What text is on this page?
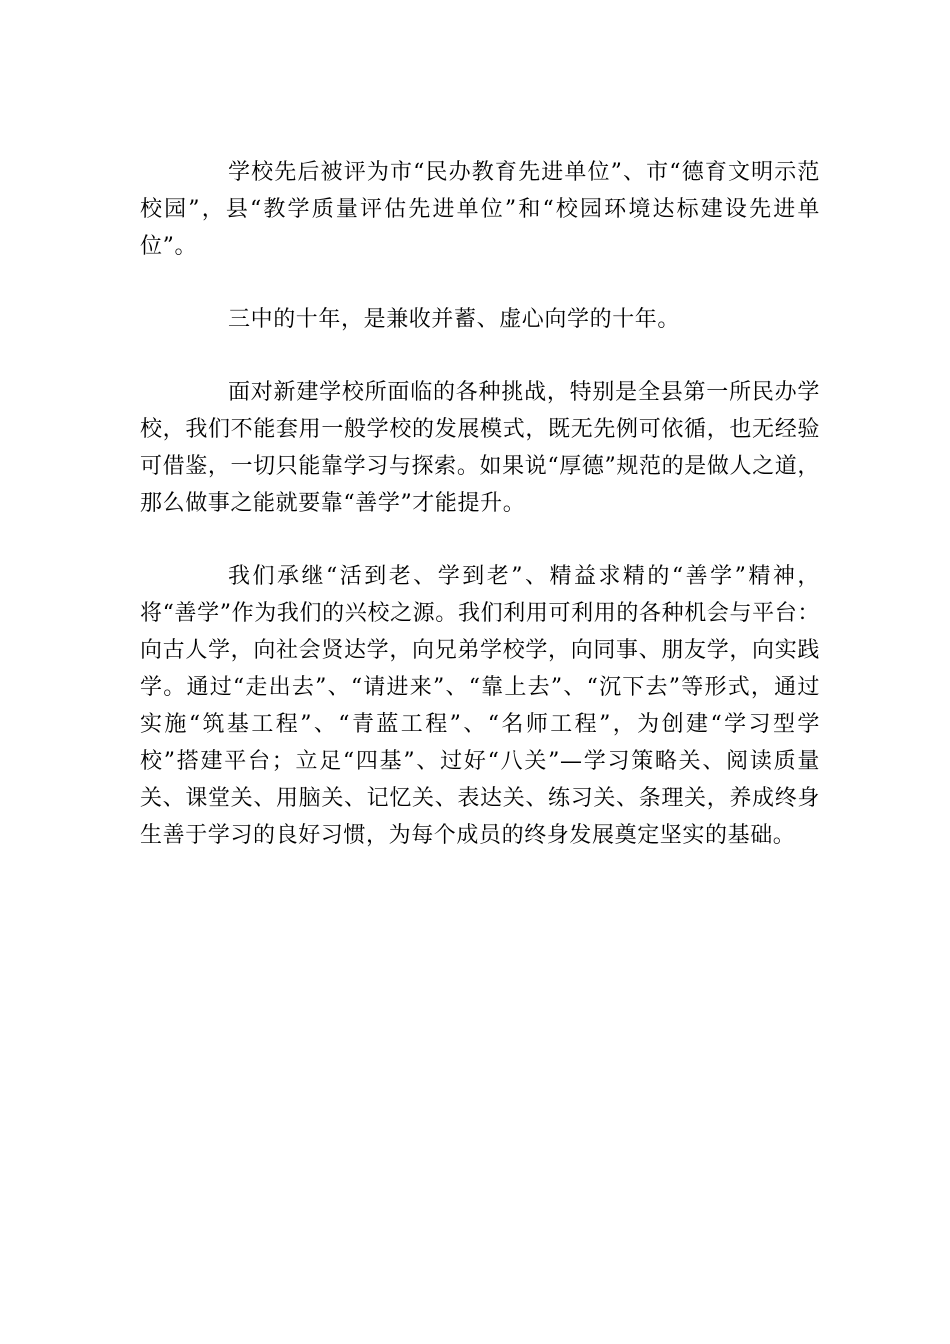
学校先后被评为市“民办教育先进单位”、市“德育文明示范校园”，县“教学质量评估先进单位”和“校园环境达标建设先进单位”。

三中的十年，是兼收并蓄、虚心向学的十年。

面对新建学校所面临的各种挑战，特别是全县第一所民办学校，我们不能套用一般学校的发展模式，既无先例可依循，也无经验可借鉴，一切只能靠学习与探索。如果说“厚德”规范的是做人之道，那么做事之能就要靠“善学”才能提升。

我们承继“活到老、学到老”、精益求精的“善学”精神，将“善学”作为我们的兴校之源。我们利用可利用的各种机会与平台：向古人学，向社会贤达学，向兄弟学校学，向同事、朋友学，向实践学。通过“走出去”、“请进来”、“靠上去”、“沉下去”等形式，通过实施“筑基工程”、“青蓝工程”、“名师工程”，为创建“学习型学校”搭建平台；立足“四基”、过好“八关”—学习策略关、阅读质量关、课堂关、用脑关、记忆关、表达关、练习关、条理关，养成终身生善于学习的良好习惯，为每个成员的终身发展奠定坚实的基础。
